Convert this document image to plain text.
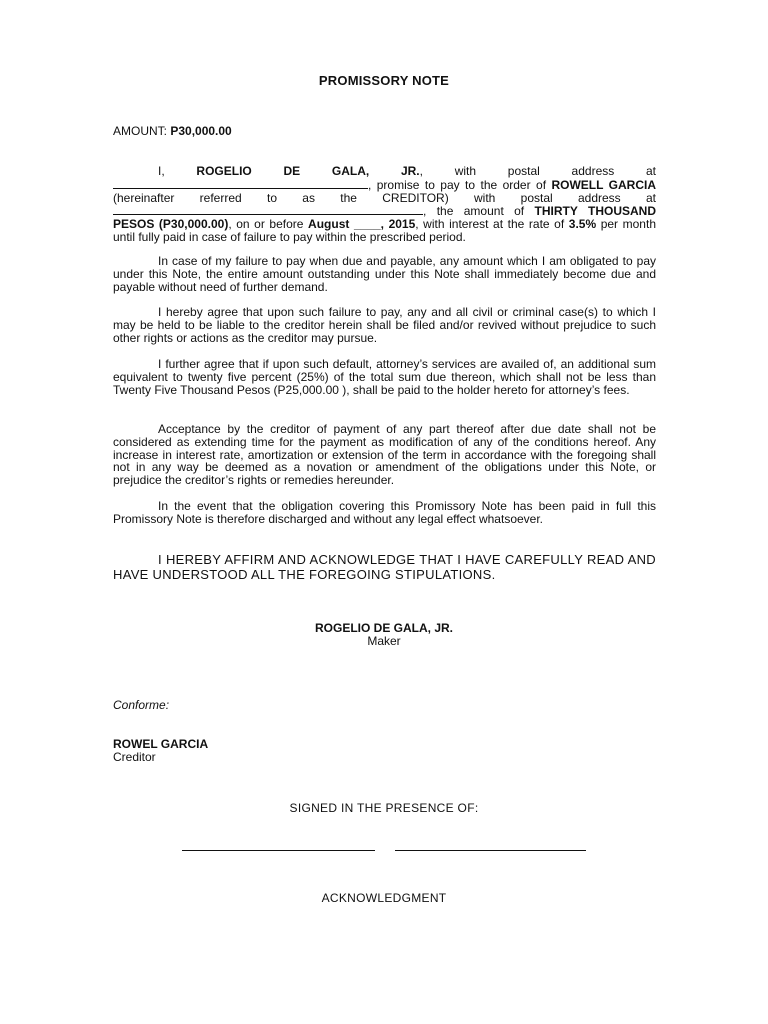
PROMISSORY NOTE
AMOUNT: P30,000.00

I, ROGELIO DE GALA, JR., with postal address at , promise to pay to the order of ROWELL GARCIA (hereinafter referred to as the CREDITOR) with postal address at , the amount of THIRTY THOUSAND PESOS (P30,000.00), on or before August ____, 2015, with interest at the rate of 3.5% per month until fully paid in case of failure to pay within the prescribed period.

In case of my failure to pay when due and payable, any amount which I am obligated to pay under this Note, the entire amount outstanding under this Note shall immediately become due and payable without need of further demand.

I hereby agree that upon such failure to pay, any and all civil or criminal case(s) to which I may be held to be liable to the creditor herein shall be filed and/or revived without prejudice to such other rights or actions as the creditor may pursue.

I further agree that if upon such default, attorney’s services are availed of, an additional sum equivalent to twenty five percent (25%) of the total sum due thereon, which shall not be less than Twenty Five Thousand Pesos (P25,000.00 ), shall be paid to the holder hereto for attorney’s fees.

Acceptance by the creditor of payment of any part thereof after due date shall not be considered as extending time for the payment as modification of any of the conditions hereof. Any increase in interest rate, amortization or extension of the term in accordance with the foregoing shall not in any way be deemed as a novation or amendment of the obligations under this Note, or prejudice the creditor’s rights or remedies hereunder.

In the event that the obligation covering this Promissory Note has been paid in full this Promissory Note is therefore discharged and without any legal effect whatsoever.

I HEREBY AFFIRM AND ACKNOWLEDGE THAT I HAVE CAREFULLY READ AND HAVE UNDERSTOOD ALL THE FOREGOING STIPULATIONS.

ROGELIO DE GALA, JR.
Maker
Conforme:
ROWEL GARCIA
Creditor
SIGNED IN THE PRESENCE OF:
ACKNOWLEDGMENT
